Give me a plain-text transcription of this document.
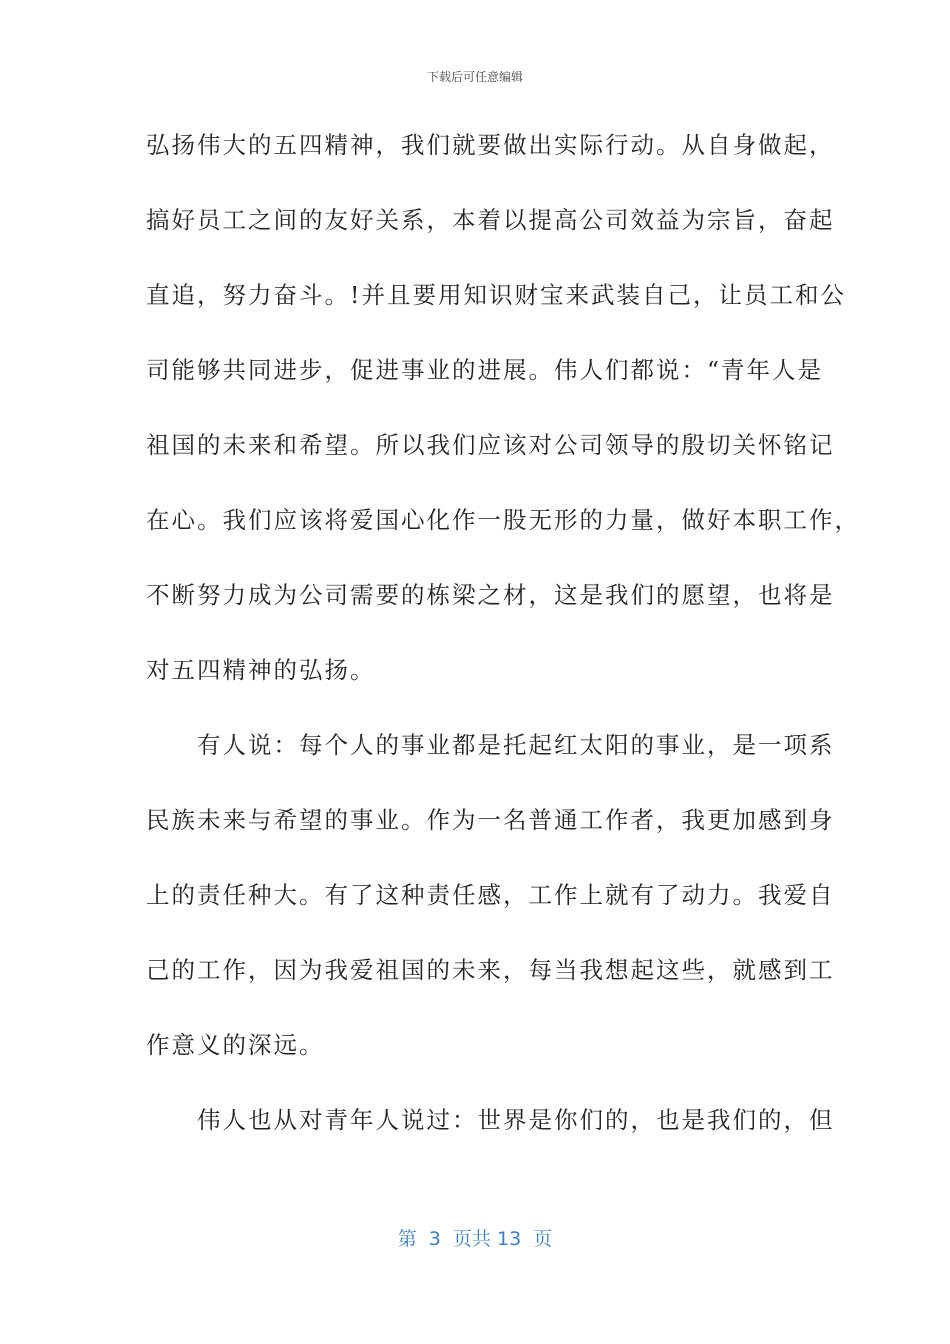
下载后可任意编辑
弘扬伟大的五四精神，我们就要做出实际行动。从自身做起，
搞好员工之间的友好关系，本着以提高公司效益为宗旨，奋起
直追，努力奋斗。!并且要用知识财宝来武装自己，让员工和公
司能够共同进步，促进事业的进展。伟人们都说：“青年人是
祖国的未来和希望。所以我们应该对公司领导的殷切关怀铭记
在心。我们应该将爱国心化作一股无形的力量，做好本职工作，
不断努力成为公司需要的栋梁之材，这是我们的愿望，也将是
对五四精神的弘扬。
　　有人说：每个人的事业都是托起红太阳的事业，是一项系
民族未来与希望的事业。作为一名普通工作者，我更加感到身
上的责任种大。有了这种责任感，工作上就有了动力。我爱自
己的工作，因为我爱祖国的未来，每当我想起这些，就感到工
作意义的深远。
　　伟人也从对青年人说过：世界是你们的，也是我们的，但
第  3  页共 13  页
